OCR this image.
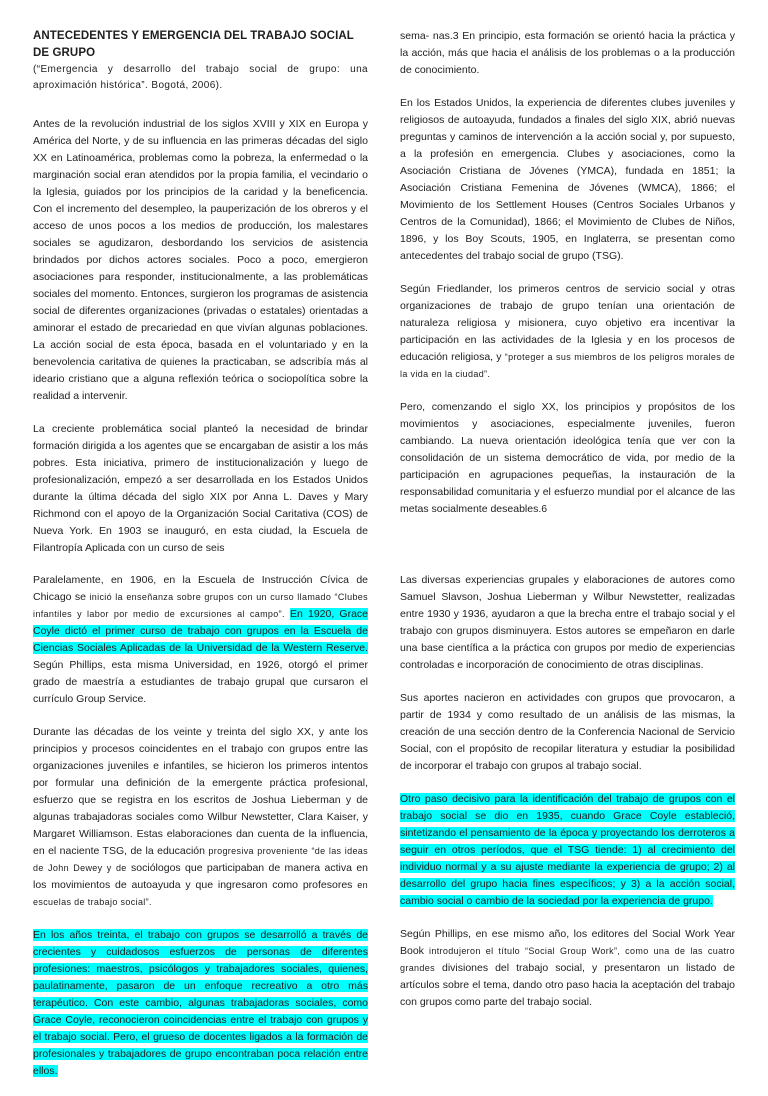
ANTECEDENTES Y EMERGENCIA DEL TRABAJO SOCIAL DE GRUPO
(“Emergencia y desarrollo del trabajo social de grupo: una aproximación histórica”. Bogotá, 2006).

Antes de la revolución industrial de los siglos XVIII y XIX en Europa y América del Norte, y de su influencia en las primeras décadas del siglo XX en Latinoamérica, problemas como la pobreza, la enfermedad o la marginación social eran atendidos por la propia familia, el vecindario o la Iglesia, guiados por los principios de la caridad y la beneficencia. Con el incremento del desempleo, la pauperización de los obreros y el acceso de unos pocos a los medios de producción, los malestares sociales se agudizaron, desbordando los servicios de asistencia brindados por dichos actores sociales. Poco a poco, emergieron asociaciones para responder, institucionalmente, a las problemáticas sociales del momento. Entonces, surgieron los programas de asistencia social de diferentes organizaciones (privadas o estatales) orientadas a aminorar el estado de precariedad en que vivían algunas poblaciones. La acción social de esta época, basada en el voluntariado y en la benevolencia caritativa de quienes la practicaban, se adscribía más al ideario cristiano que a alguna reflexión teórica o sociopolítica sobre la realidad a intervenir.

La creciente problemática social planteó la necesidad de brindar formación dirigida a los agentes que se encargaban de asistir a los más pobres. Esta iniciativa, primero de institucionalización y luego de profesionalización, empezó a ser desarrollada en los Estados Unidos durante la última década del siglo XIX por Anna L. Daves y Mary Richmond con el apoyo de la Organización Social Caritativa (COS) de Nueva York. En 1903 se inauguró, en esta ciudad, la Escuela de Filantropía Aplicada con un curso de seis

sema- nas.3 En principio, esta formación se orientó hacia la práctica y la acción, más que hacia el análisis de los problemas o a la producción de conocimiento.

En los Estados Unidos, la experiencia de diferentes clubes juveniles y religiosos de autoayuda, fundados a finales del siglo XIX, abrió nuevas preguntas y caminos de intervención a la acción social y, por supuesto, a la profesión en emergencia. Clubes y asociaciones, como la Asociación Cristiana de Jóvenes (YMCA), fundada en 1851; la Asociación Cristiana Femenina de Jóvenes (WMCA), 1866; el Movimiento de los Settlement Houses (Centros Sociales Urbanos y Centros de la Comunidad), 1866; el Movimiento de Clubes de Niños, 1896, y los Boy Scouts, 1905, en Inglaterra, se presentan como antecedentes del trabajo social de grupo (TSG).

Según Friedlander, los primeros centros de servicio social y otras organizaciones de trabajo de grupo tenían una orientación de naturaleza religiosa y misionera, cuyo objetivo era incentivar la participación en las actividades de la Iglesia y en los procesos de educación religiosa, y “proteger a sus miembros de los peligros morales de la vida en la ciudad”.

Pero, comenzando el siglo XX, los principios y propósitos de los movimientos y asociaciones, especialmente juveniles, fueron cambiando. La nueva orientación ideológica tenía que ver con la consolidación de un sistema democrático de vida, por medio de la participación en agrupaciones pequeñas, la instauración de la responsabilidad comunitaria y el esfuerzo mundial por el alcance de las metas socialmente deseables.6

Paralelamente, en 1906, en la Escuela de Instrucción Cívica de Chicago se inició la enseñanza sobre grupos con un curso llamado “Clubes infantiles y labor por medio de excursiones al campo”. En 1920, Grace Coyle dictó el primer curso de trabajo con grupos en la Escuela de Ciencias Sociales Aplicadas de la Universidad de la Western Reserve. Según Phillips, esta misma Universidad, en 1926, otorgó el primer grado de maestría a estudiantes de trabajo grupal que cursaron el currículo Group Service.

Durante las décadas de los veinte y treinta del siglo XX, y ante los principios y procesos coincidentes en el trabajo con grupos entre las organizaciones juveniles e infantiles, se hicieron los primeros intentos por formular una definición de la emergente práctica profesional, esfuerzo que se registra en los escritos de Joshua Lieberman y de algunas trabajadoras sociales como Wilbur Newstetter, Clara Kaiser, y Margaret Williamson. Estas elaboraciones dan cuenta de la influencia, en el naciente TSG, de la educación progresiva proveniente “de las ideas de John Dewey y de sociólogos que participaban de manera activa en los movimientos de autoayuda y que ingresaron como profesores en escuelas de trabajo social”.

En los años treinta, el trabajo con grupos se desarrolló a través de crecientes y cuidadosos esfuerzos de personas de diferentes profesiones: maestros, psicólogos y trabajadores sociales, quienes, paulatinamente, pasaron de un enfoque recreativo a otro más terapéutico. Con este cambio, algunas trabajadoras sociales, como Grace Coyle, reconocieron coincidencias entre el trabajo con grupos y el trabajo social. Pero, el grueso de docentes ligados a la formación de profesionales y trabajadores de grupo encontraban poca relación entre ellos.

Las diversas experiencias grupales y elaboraciones de autores como Samuel Slavson, Joshua Lieberman y Wilbur Newstetter, realizadas entre 1930 y 1936, ayudaron a que la brecha entre el trabajo social y el trabajo con grupos disminuyera. Estos autores se empeñaron en darle una base científica a la práctica con grupos por medio de experiencias controladas e incorporación de conocimiento de otras disciplinas.

Sus aportes nacieron en actividades con grupos que provocaron, a partir de 1934 y como resultado de un análisis de las mismas, la creación de una sección dentro de la Conferencia Nacional de Servicio Social, con el propósito de recopilar literatura y estudiar la posibilidad de incorporar el trabajo con grupos al trabajo social.

Otro paso decisivo para la identificación del trabajo de grupos con el trabajo social se dio en 1935, cuando Grace Coyle estableció, sintetizando el pensamiento de la época y proyectando los derroteros a seguir en otros períodos, que el TSG tiende: 1) al crecimiento del individuo normal y a su ajuste mediante la experiencia de grupo; 2) al desarrollo del grupo hacia fines específicos; y 3) a la acción social, cambio social o cambio de la sociedad por la experiencia de grupo.

Según Phillips, en ese mismo año, los editores del Social Work Year Book introdujeron el título “Social Group Work”, como una de las cuatro grandes divisiones del trabajo social, y presentaron un listado de artículos sobre el tema, dando otro paso hacia la aceptación del trabajo con grupos como parte del trabajo social.
